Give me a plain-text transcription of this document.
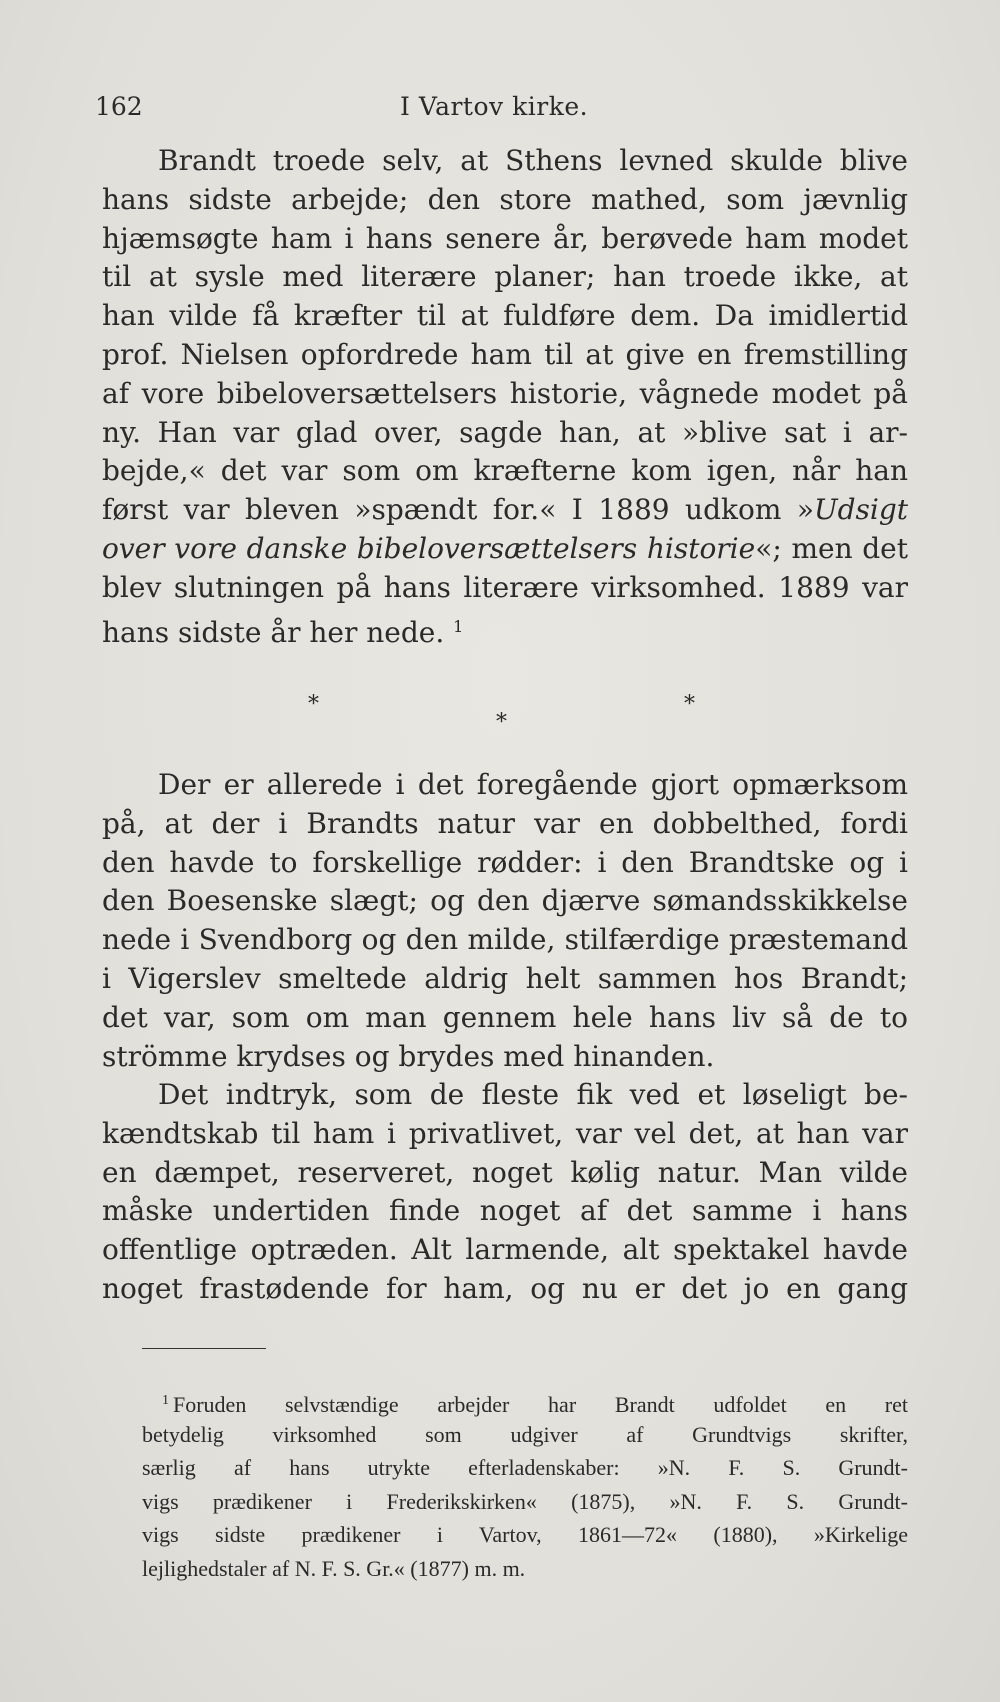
162	I Vartov kirke.
Brandt troede selv, at Sthens levned skulde blive
hans sidste arbejde; den store mathed, som jævnlig
hjæmsøgte ham i hans senere år, berøvede ham modet
til at sysle med literære planer; han troede ikke, at
han vilde få kræfter til at fuldføre dem. Da imidlertid
prof. Nielsen opfordrede ham til at give en fremstilling
af vore bibeloversættelsers historie, vågnede modet på
ny. Han var glad over, sagde han, at »blive sat i ar-
bejde,« det var som om kræfterne kom igen, når han
først var bleven »spændt for.« I 1889 udkom »Udsigt
over vore danske bibeloversættelsers historie«; men det
blev slutningen på hans literære virksomhed. 1889 var
hans sidste år her nede. $^1$
*
*
*
Der er allerede i det foregående gjort opmærksom
på, at der i Brandts natur var en dobbelthed, fordi
den havde to forskellige rødder: i den Brandtske og i
den Boesenske slægt; og den djærve sømandsskikkelse
nede i Svendborg og den milde, stilfærdige præstemand
i Vigerslev smeltede aldrig helt sammen hos Brandt;
det var, som om man gennem hele hans liv så de to
strömme krydses og brydes med hinanden.
Det indtryk, som de fleste fik ved et løseligt be-
kændtskab til ham i privatlivet, var vel det, at han var
en dæmpet, reserveret, noget kølig natur. Man vilde
måske undertiden finde noget af det samme i hans
offentlige optræden. Alt larmende, alt spektakel havde
noget frastødende for ham, og nu er det jo en gang
$^1$ Foruden selvstændige arbejder har Brandt udfoldet en ret
betydelig virksomhed som udgiver af Grundtvigs skrifter,
særlig af hans utrykte efterladenskaber: »N. F. S. Grundt-
vigs prædikener i Frederikskirken« (1875), »N. F. S. Grundt-
vigs sidste prædikener i Vartov, 1861—72« (1880), »Kirkelige
lejlighedstaler af N. F. S. Gr.« (1877) m. m.
